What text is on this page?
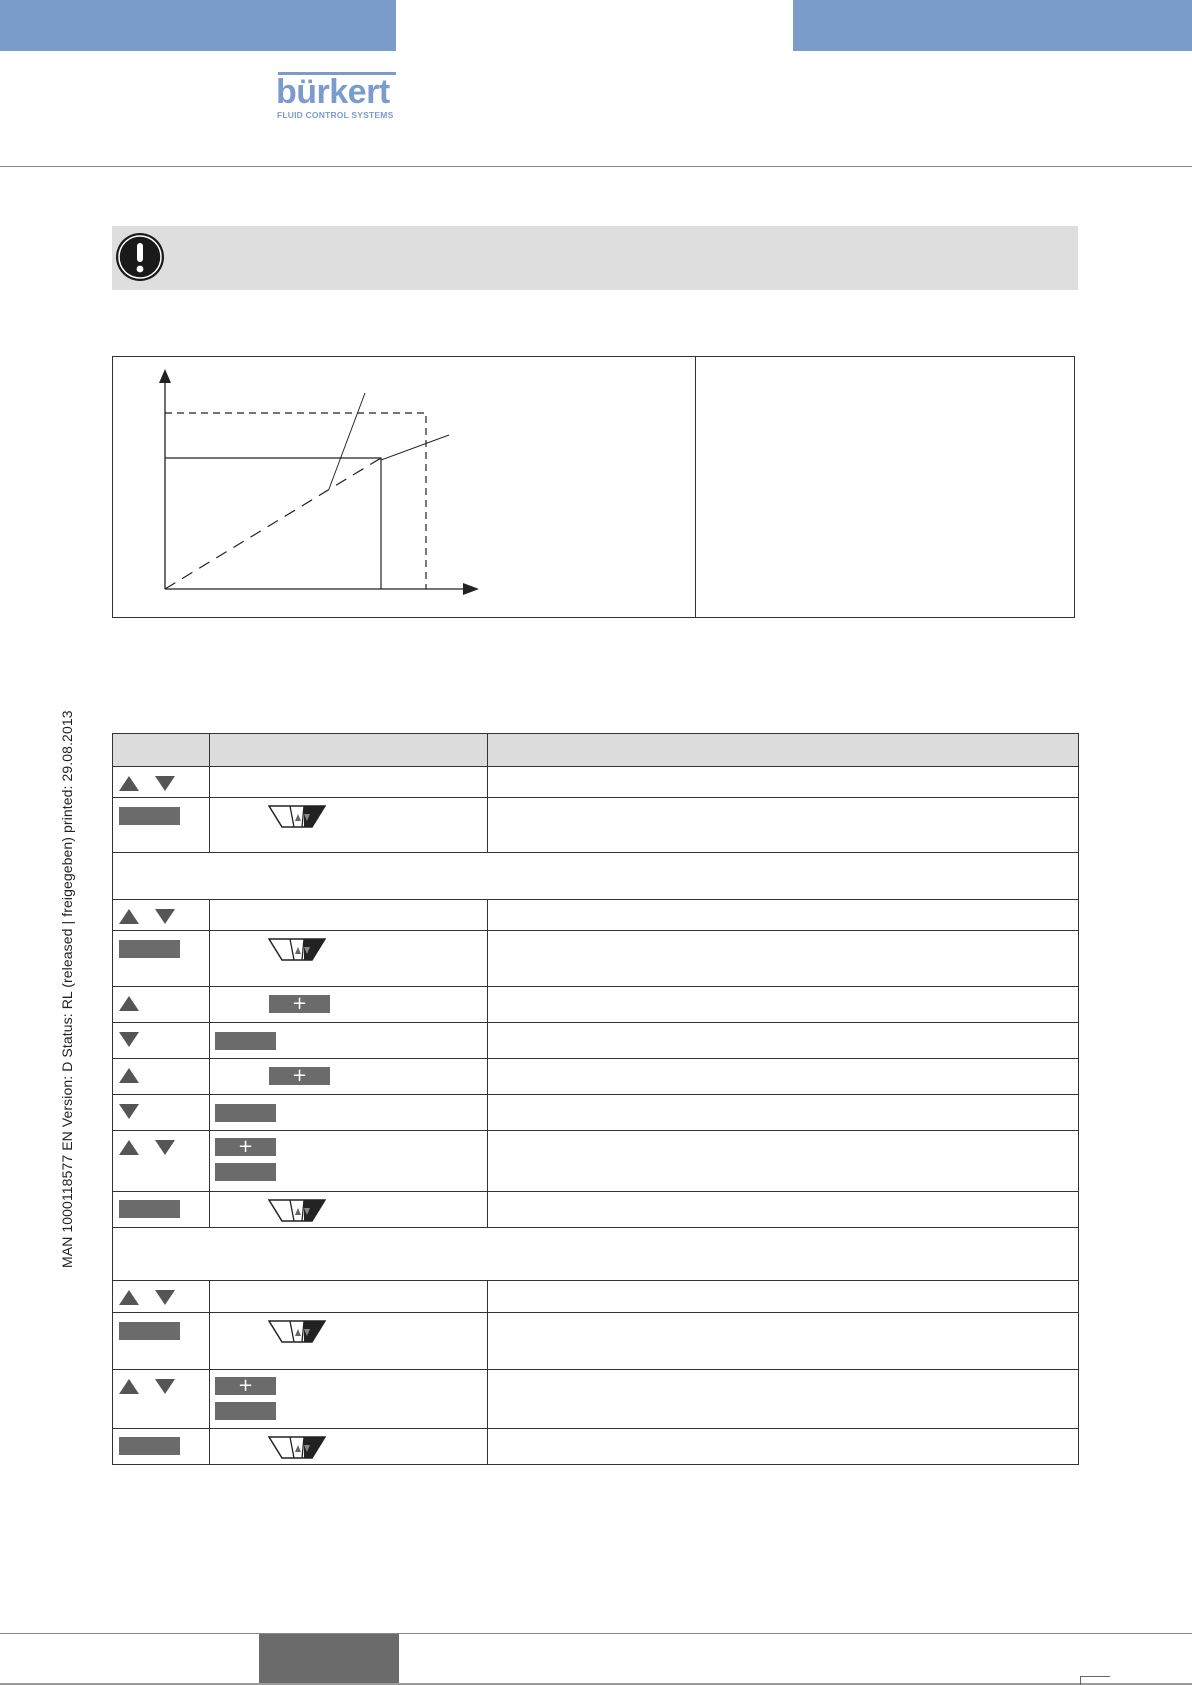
bürkert
FLUID CONTROL SYSTEMS
MAN 1000118577 EN Version: D Status: RL (released | freigegeben) printed: 29.08.2013

	+	

	+	

	+	

	+	
